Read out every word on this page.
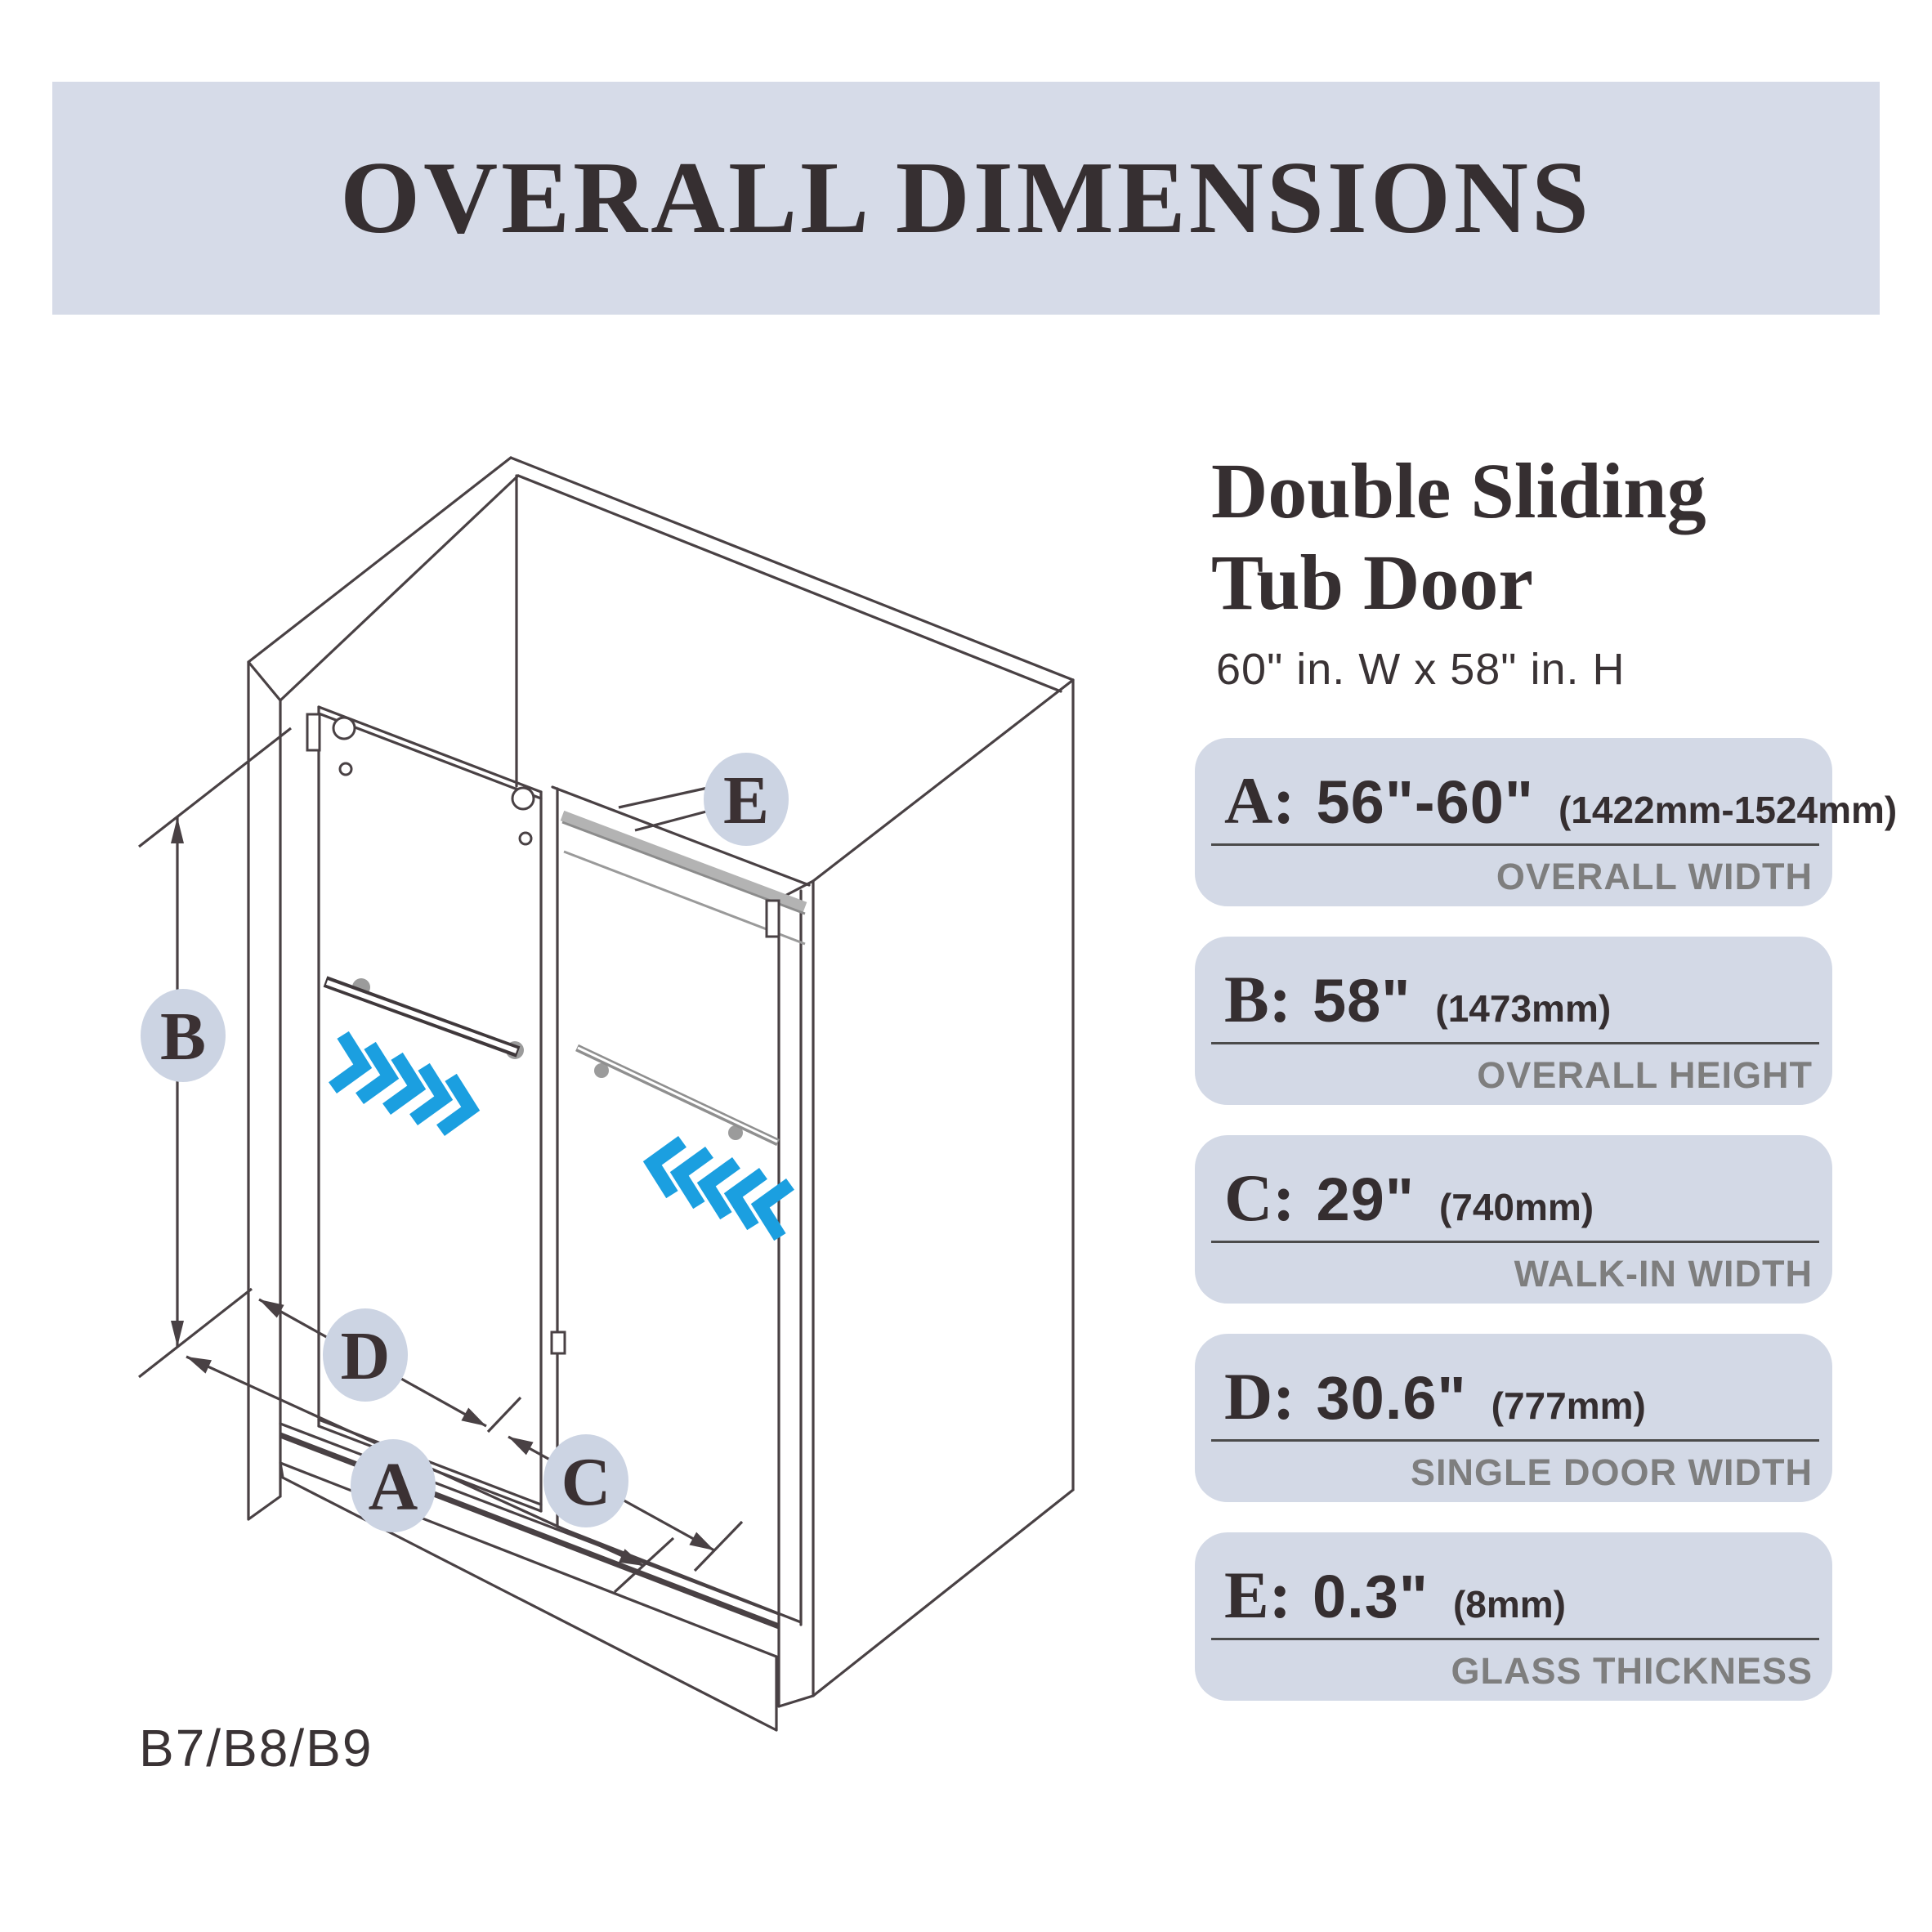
OVERALL DIMENSIONS
B
E
D
A C
Double Sliding
Tub Door
60" in. W x 58" in. H
A: 56"-60" (1422mm-1524mm)
OVERALL WIDTH
B: 58" (1473mm)
OVERALL HEIGHT
C: 29" (740mm)
WALK-IN WIDTH
D: 30.6" (777mm)
SINGLE DOOR WIDTH
E: 0.3" (8mm)
GLASS THICKNESS
B7/B8/B9
